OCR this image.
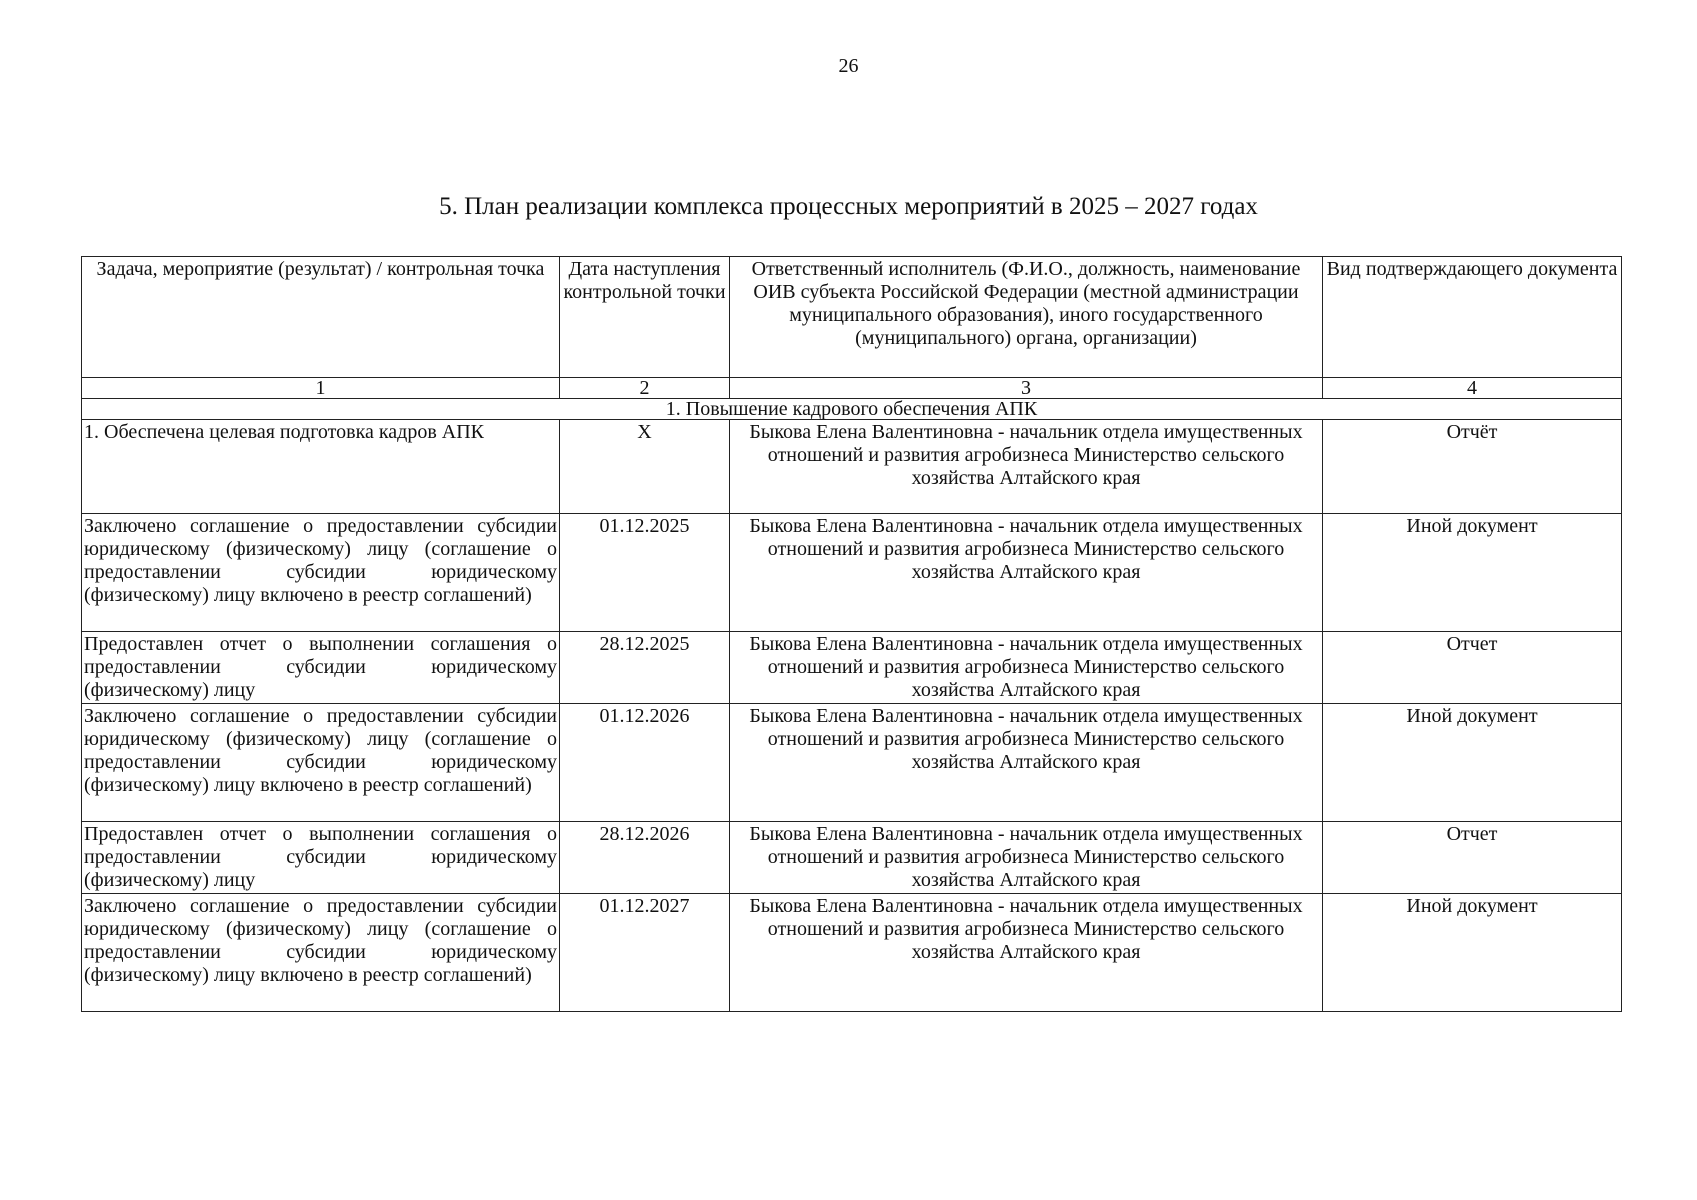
26
5. План реализации комплекса процессных мероприятий в 2025 – 2027 годах
Задача, мероприятие (результат) / контрольная точка	Дата наступления контрольной точки	Ответственный исполнитель (Ф.И.О., должность, наименование ОИВ субъекта Российской Федерации (местной администрации муниципального образования), иного государственного (муниципального) органа, организации)	Вид подтверждающего документа
1	2	3	4
1. Повышение кадрового обеспечения АПК			
1. Обеспечена целевая подготовка кадров АПК	X	Быкова Елена Валентиновна - начальник отдела имущественных отношений и развития агробизнеса Министерство сельского хозяйства Алтайского края	Отчёт
Заключено соглашение о предоставлении субсидии юридическому (физическому) лицу (соглашение о предоставлении субсидии юридическому (физическому) лицу включено в реестр соглашений)	01.12.2025	Быкова Елена Валентиновна - начальник отдела имущественных отношений и развития агробизнеса Министерство сельского хозяйства Алтайского края	Иной документ
Предоставлен отчет о выполнении соглашения о предоставлении субсидии юридическому (физическому) лицу	28.12.2025	Быкова Елена Валентиновна - начальник отдела имущественных отношений и развития агробизнеса Министерство сельского хозяйства Алтайского края	Отчет
Заключено соглашение о предоставлении субсидии юридическому (физическому) лицу (соглашение о предоставлении субсидии юридическому (физическому) лицу включено в реестр соглашений)	01.12.2026	Быкова Елена Валентиновна - начальник отдела имущественных отношений и развития агробизнеса Министерство сельского хозяйства Алтайского края	Иной документ
Предоставлен отчет о выполнении соглашения о предоставлении субсидии юридическому (физическому) лицу	28.12.2026	Быкова Елена Валентиновна - начальник отдела имущественных отношений и развития агробизнеса Министерство сельского хозяйства Алтайского края	Отчет
Заключено соглашение о предоставлении субсидии юридическому (физическому) лицу (соглашение о предоставлении субсидии юридическому (физическому) лицу включено в реестр соглашений)	01.12.2027	Быкова Елена Валентиновна - начальник отдела имущественных отношений и развития агробизнеса Министерство сельского хозяйства Алтайского края	Иной документ
